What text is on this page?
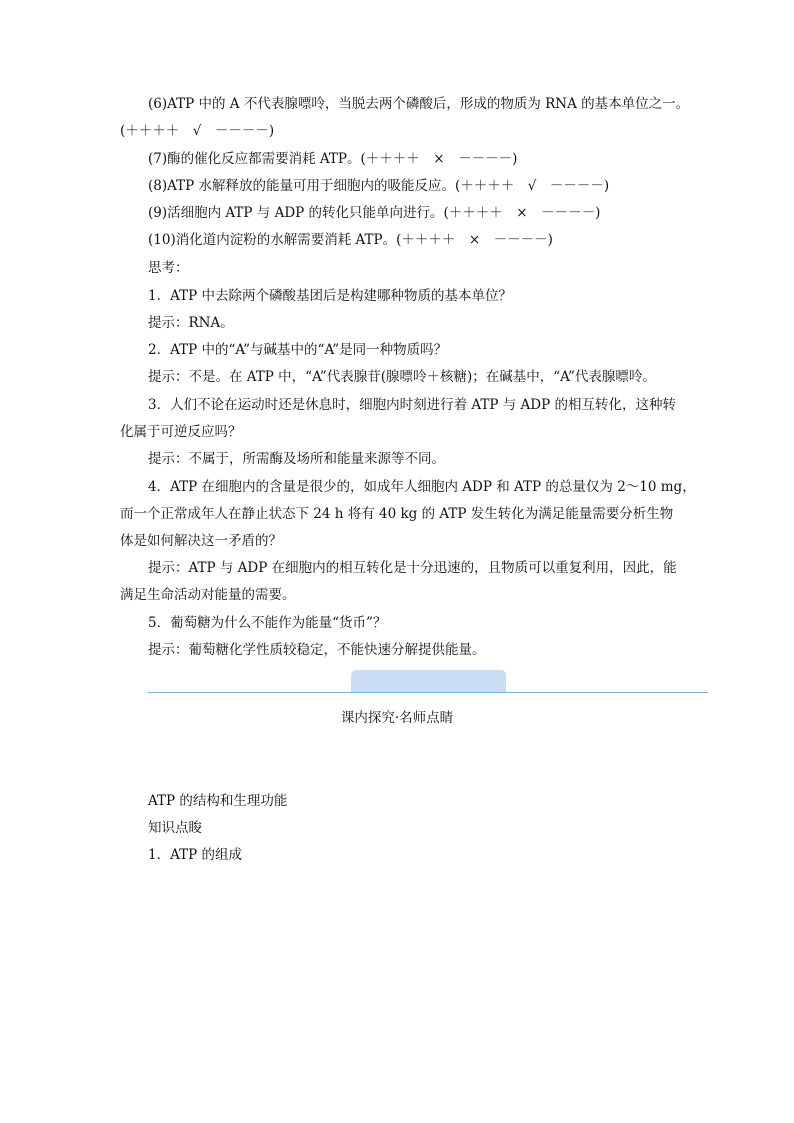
(6)ATP 中的 A 不代表腺嘌呤，当脱去两个磷酸后，形成的物质为 RNA 的基本单位之一。
(＋＋＋＋　√　－－－－)
(7)酶的催化反应都需要消耗 ATP。(＋＋＋＋　×　－－－－)
(8)ATP 水解释放的能量可用于细胞内的吸能反应。(＋＋＋＋　√　－－－－)
(9)活细胞内 ATP 与 ADP 的转化只能单向进行。(＋＋＋＋　×　－－－－)
(10)消化道内淀粉的水解需要消耗 ATP。(＋＋＋＋　×　－－－－)
思考：
1．ATP 中去除两个磷酸基团后是构建哪种物质的基本单位？
提示：RNA。
2．ATP 中的“A”与碱基中的“A”是同一种物质吗？
提示：不是。在 ATP 中，“A”代表腺苷(腺嘌呤＋核糖)；在碱基中，“A”代表腺嘌呤。
3．人们不论在运动时还是休息时，细胞内时刻进行着 ATP 与 ADP 的相互转化，这种转
化属于可逆反应吗？
提示：不属于，所需酶及场所和能量来源等不同。
4．ATP 在细胞内的含量是很少的，如成年人细胞内 ADP 和 ATP 的总量仅为 2～10 mg，
而一个正常成年人在静止状态下 24 h 将有 40 kg 的 ATP 发生转化为满足能量需要分析生物
体是如何解决这一矛盾的？
提示：ATP 与 ADP 在细胞内的相互转化是十分迅速的，且物质可以重复利用，因此，能
满足生命活动对能量的需要。
5．葡萄糖为什么不能作为能量“货币”？
提示：葡萄糖化学性质较稳定，不能快速分解提供能量。
课内探究·名师点睛
ATP 的结构和生理功能
知识点睃
1．ATP 的组成
